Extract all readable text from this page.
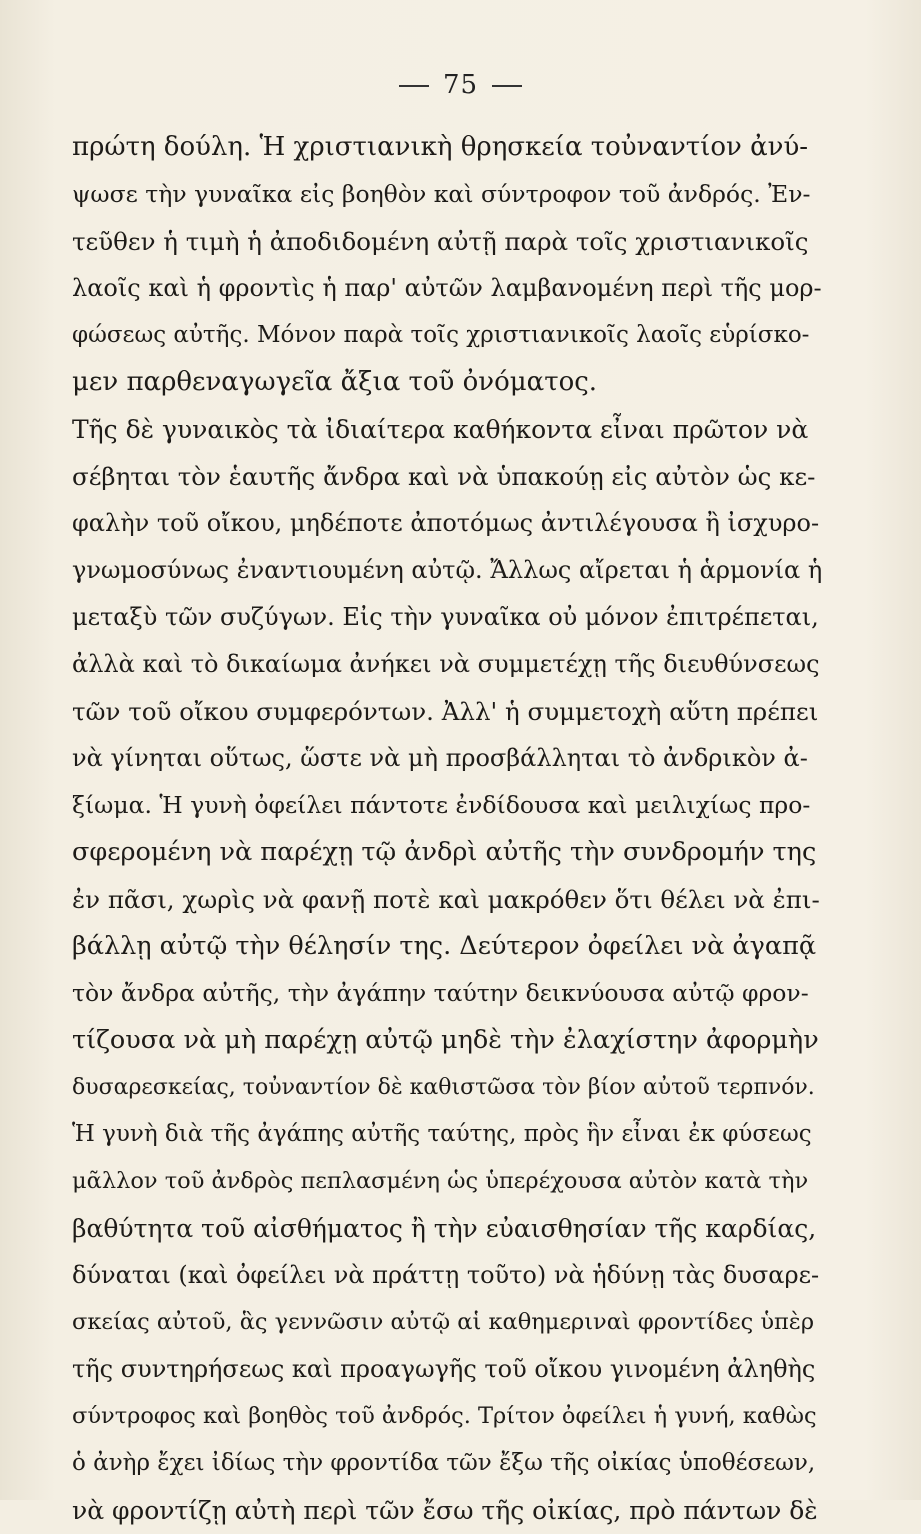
75
πρώτη δούλη. Ἡ χριστιανικὴ θρησκεία τοὐναντίον ἀνύ-
ψωσε τὴν γυναῖκα εἰς βοηθὸν καὶ σύντροφον τοῦ ἀνδρός. Ἐν-
τεῦθεν ἡ τιμὴ ἡ ἀποδιδομένη αὐτῇ παρὰ τοῖς χριστιανικοῖς
λαοῖς καὶ ἡ φροντὶς ἡ παρ' αὐτῶν λαμβανομένη περὶ τῆς μορ-
φώσεως αὐτῆς. Μόνον παρὰ τοῖς χριστιανικοῖς λαοῖς εὑρίσκο-
μεν παρθεναγωγεῖα ἄξια τοῦ ὀνόματος.
Τῆς δὲ γυναικὸς τὰ ἰδιαίτερα καθήκοντα εἶναι πρῶτον νὰ
σέβηται τὸν ἑαυτῆς ἄνδρα καὶ νὰ ὑπακούῃ εἰς αὐτὸν ὡς κε-
φαλὴν τοῦ οἴκου, μηδέποτε ἀποτόμως ἀντιλέγουσα ἢ ἰσχυρο-
γνωμοσύνως ἐναντιουμένη αὐτῷ. Ἄλλως αἴρεται ἡ ἁρμονία ἡ
μεταξὺ τῶν συζύγων. Εἰς τὴν γυναῖκα οὐ μόνον ἐπιτρέπεται,
ἀλλὰ καὶ τὸ δικαίωμα ἀνήκει νὰ συμμετέχῃ τῆς διευθύνσεως
τῶν τοῦ οἴκου συμφερόντων. Ἀλλ' ἡ συμμετοχὴ αὕτη πρέπει
νὰ γίνηται οὕτως, ὥστε νὰ μὴ προσβάλληται τὸ ἀνδρικὸν ἀ-
ξίωμα. Ἡ γυνὴ ὀφείλει πάντοτε ἐνδίδουσα καὶ μειλιχίως προ-
σφερομένη νὰ παρέχῃ τῷ ἀνδρὶ αὐτῆς τὴν συνδρομήν της
ἐν πᾶσι, χωρὶς νὰ φανῇ ποτὲ καὶ μακρόθεν ὅτι θέλει νὰ ἐπι-
βάλλῃ αὐτῷ τὴν θέλησίν της. Δεύτερον ὀφείλει νὰ ἀγαπᾷ
τὸν ἄνδρα αὐτῆς, τὴν ἀγάπην ταύτην δεικνύουσα αὐτῷ φρον-
τίζουσα νὰ μὴ παρέχῃ αὐτῷ μηδὲ τὴν ἐλαχίστην ἀφορμὴν
δυσαρεσκείας, τοὐναντίον δὲ καθιστῶσα τὸν βίον αὐτοῦ τερπνόν.
Ἡ γυνὴ διὰ τῆς ἀγάπης αὐτῆς ταύτης, πρὸς ἣν εἶναι ἐκ φύσεως
μᾶλλον τοῦ ἀνδρὸς πεπλασμένη ὡς ὑπερέχουσα αὐτὸν κατὰ τὴν
βαθύτητα τοῦ αἰσθήματος ἢ τὴν εὐαισθησίαν τῆς καρδίας,
δύναται (καὶ ὀφείλει νὰ πράττῃ τοῦτο) νὰ ἡδύνῃ τὰς δυσαρε-
σκείας αὐτοῦ, ἃς γεννῶσιν αὐτῷ αἱ καθημεριναὶ φροντίδες ὑπὲρ
τῆς συντηρήσεως καὶ προαγωγῆς τοῦ οἴκου γινομένη ἀληθὴς
σύντροφος καὶ βοηθὸς τοῦ ἀνδρός. Τρίτον ὀφείλει ἡ γυνή, καθὼς
ὁ ἀνὴρ ἔχει ἰδίως τὴν φροντίδα τῶν ἔξω τῆς οἰκίας ὑποθέσεων,
νὰ φροντίζῃ αὐτὴ περὶ τῶν ἔσω τῆς οἰκίας, πρὸ πάντων δὲ
